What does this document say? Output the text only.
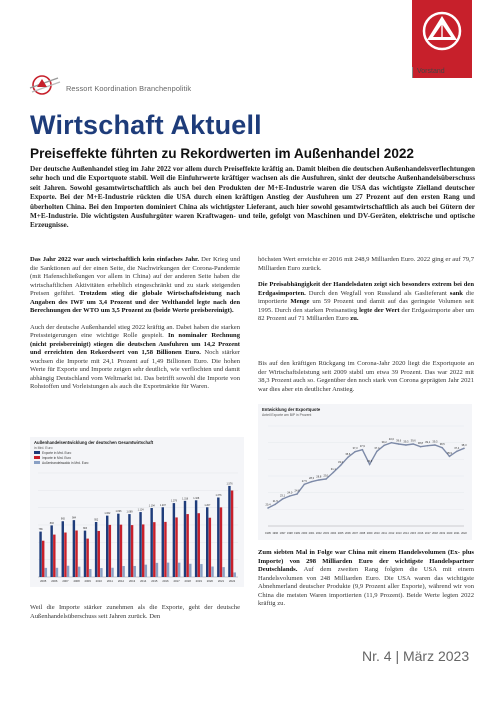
Vorstand
Ressort Koordination Branchenpolitik
Wirtschaft Aktuell
Preiseffekte führten zu Rekordwerten im Außenhandel 2022
Der deutsche Außenhandel stieg im Jahr 2022 vor allem durch Preiseffekte kräftig an. Damit bleiben die deutschen Außenhandelsverflechtungen sehr hoch und die Exportquote stabil. Weil die Einfuhrwerte kräftiger wachsen als die Ausfuhren, sinkt der deutsche Außenhandelsüberschuss seit Jahren. Sowohl gesamtwirtschaftlich als auch bei den Produkten der M+E-Industrie waren die USA das wichtigste Zielland deutscher Exporte. Bei der M+E-Industrie rückten die USA durch einen kräftigen Anstieg der Ausfuhren um 27 Prozent auf den ersten Rang und überholten China. Bei den Importen dominiert China als wichtigster Lieferant, auch hier sowohl gesamtwirtschaftlich als auch bei Gütern der M+E-Industrie. Die wichtigsten Ausfuhrgüter waren Kraftwagen- und teile, gefolgt von Maschinen und DV-Geräten, elektrische und optische Erzeugnisse.

Das Jahr 2022 war auch wirtschaftlich kein einfaches Jahr. Der Krieg und die Sanktionen auf der einen Seite, die Nachwirkungen der Corona-Pandemie (mit Hafenschließungen vor allem in China) auf der anderen Seite haben die wirtschaftlichen Aktivitäten erheblich eingeschränkt und zu stark steigenden Preisen geführt. Trotzdem stieg die globale Wirtschaftsleistung nach Angaben des IWF um 3,4 Prozent und der Welthandel legte nach den Berechnungen der WTO um 3,5 Prozent zu (beide Werte preisbereinigt).

Auch der deutsche Außenhandel stieg 2022 kräftig an. Dabei haben die starken Preissteigerungen eine wichtige Rolle gespielt. In nominaler Rechnung (nicht preisbereinigt) stiegen die deutschen Ausfuhren um 14,2 Prozent und erreichten den Rekordwert von 1,58 Billionen Euro. Noch stärker wuchsen die Importe mit 24,1 Prozent auf 1,49 Billionen Euro. Die hohen Werte für Exporte und Importe zeigen sehr deutlich, wie verflochten und damit abhängig Deutschland vom Weltmarkt ist. Das betrifft sowohl die Importe von Rohstoffen und Vorleistungen als auch die Exportmärkte für Waren.

Außenhandelsentwicklung der deutschen Gesamtwirtschaft
in Mrd. Euro
Exporte in Mrd. Euro
Importe in Mrd. Euro
Außenhandelssaldo in Mrd. Euro
786
893
965	984
803
952
1.062
1.096 1.089
1.124
1.194 1.207
1.279
1.318 1.328
1.207
1.376
1.576
2005 2006 2007 2008 2009 2010 2011 2012 2013 2014 2015 2016 2017 2018 2019 2020 2021 2022

Weil die Importe stärker zunehmen als die Exporte, geht der deutsche Außenhandelsüberschuss seit Jahren zurück. Den

höchsten Wert erreichte er 2016 mit 248,9 Milliarden Euro. 2022 ging er auf 79,7 Milliarden Euro zurück.

Die Preisabhängigkeit der Handelsdaten zeigt sich besonders extrem bei den Erdgasimporten. Durch den Wegfall von Russland als Gaslieferant sank die importierte Menge um 59 Prozent und damit auf das geringste Volumen seit 1995. Durch den starken Preisanstieg legte der Wert der Erdgasimporte aber um 82 Prozent auf 71 Milliarden Euro zu.

Bis auf den kräftigen Rückgang im Corona-Jahr 2020 liegt die Exportquote an der Wirtschaftsleistung seit 2009 stabil um etwa 39 Prozent. Das war 2022 mit 38,3 Prozent auch so. Gegenüber den noch stark von Corona geprägten Jahr 2021 war dies aber ein deutlicher Anstieg.

Entwicklung der Exportquote
Anteil Exporte am BIP in Prozent
20,4
21,5
23,1
24,0
24,6
27,5
28,3
28,8 29,1
31,1
33,2
35,6
37,3
37,9
33,5
37,4
39,2
40,0 39,6 39,3 39,6
38,8 39,1 39,3
38,5
35,9
37,4
38,3
1995 1996 1997 1998 1999 2000 2001 2002 2003 2004 2005 2006 2007 2008 2009 2010 2011 2012 2013 2014 2015 2016 2017 2018 2019 2020 2021 2022

Zum siebten Mal in Folge war China mit einem Handelsvolumen (Ex- plus Importe) von 298 Milliarden Euro der wichtigste Handelspartner Deutschlands. Auf dem zweiten Rang folgten die USA mit einem Handelsvolumen von 248 Milliarden Euro. Die USA waren das wichtigste Abnehmerland deutscher Produkte (9,9 Prozent aller Exporte), während wir von China die meisten Waren importierten (11,9 Prozent). Beide Werte legten 2022 kräftig zu.

Nr. 4 | März 2023
